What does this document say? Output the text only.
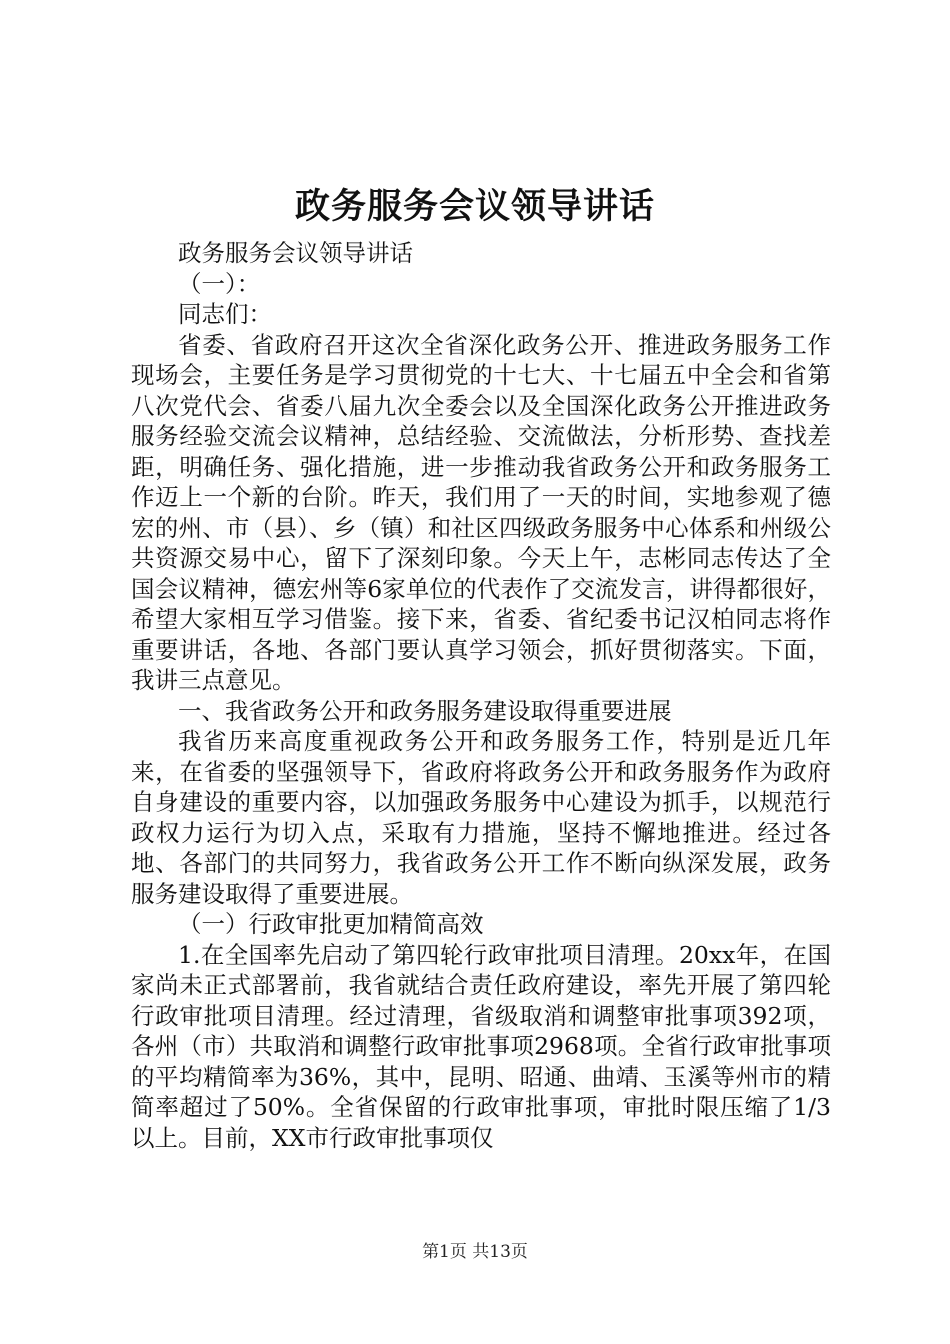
政务服务会议领导讲话

政务服务会议领导讲话

（一）：

同志们：

省委、省政府召开这次全省深化政务公开、推进政务服务工作现场会，主要任务是学习贯彻党的十七大、十七届五中全会和省第八次党代会、省委八届九次全委会以及全国深化政务公开推进政务服务经验交流会议精神，总结经验、交流做法，分析形势、查找差距，明确任务、强化措施，进一步推动我省政务公开和政务服务工作迈上一个新的台阶。昨天，我们用了一天的时间，实地参观了德宏的州、市（县）、乡（镇）和社区四级政务服务中心体系和州级公共资源交易中心，留下了深刻印象。今天上午，志彬同志传达了全国会议精神，德宏州等6家单位的代表作了交流发言，讲得都很好，希望大家相互学习借鉴。接下来，省委、省纪委书记汉柏同志将作重要讲话，各地、各部门要认真学习领会，抓好贯彻落实。下面，我讲三点意见。

一、我省政务公开和政务服务建设取得重要进展

我省历来高度重视政务公开和政务服务工作，特别是近几年来，在省委的坚强领导下，省政府将政务公开和政务服务作为政府自身建设的重要内容，以加强政务服务中心建设为抓手，以规范行政权力运行为切入点，采取有力措施，坚持不懈地推进。经过各地、各部门的共同努力，我省政务公开工作不断向纵深发展，政务服务建设取得了重要进展。

（一）行政审批更加精简高效

1.在全国率先启动了第四轮行政审批项目清理。20xx年，在国家尚未正式部署前，我省就结合责任政府建设，率先开展了第四轮行政审批项目清理。经过清理，省级取消和调整审批事项392项，各州（市）共取消和调整行政审批事项2968项。全省行政审批事项的平均精简率为36%，其中，昆明、昭通、曲靖、玉溪等州市的精简率超过了50%。全省保留的行政审批事项，审批时限压缩了1/3以上。目前，XX市行政审批事项仅

第1页 共13页
